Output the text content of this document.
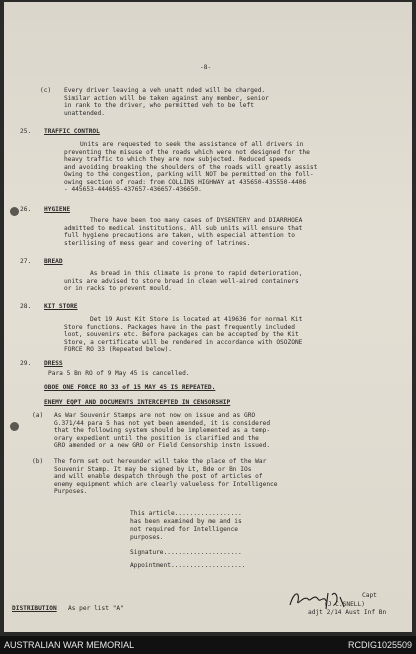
-8-
(c) Every driver leaving a veh unatt nded will be charged.
Similar action will be taken against any member, senior
in rank to the driver, who permitted veh to be left
unattended.
25. TRAFFIC CONTROL
Units are requested to seek the assistance of all drivers in
preventing the misuse of the roads which were not designed for the
heavy traffic to which they are now subjected. Reduced speeds
and avoiding breaking the shoulders of the roads will greatly assist
Owing to the congestion, parking will NOT be permitted on the foll-
owing section of road: from COLLINS HIGHWAY at 435650-435550-4406
- 445653-444655-437657-436657-436650.
26. HYGIENE
There have been too many cases of DYSENTERY and DIARRHOEA
admitted to medical institutions. All sub units will ensure that
full hygiene precautions are taken, with especial attention to
sterilising of mess gear and covering of latrines.
27. BREAD
As bread in this climate is prone to rapid deterioration,
units are advised to store bread in clean well-aired containers
or in racks to prevent mould.
28. KIT STORE
Det 19 Aust Kit Store is located at 419636 for normal Kit
Store functions. Packages have in the past frequently included
loot, souvenirs etc. Before packages can be accepted by the Kit
Store, a certificate will be rendered in accordance with OSOZONE
FORCE RO 33 (Repeated below).
29. DRESS
Para 5 Bn RO of 9 May 45 is cancelled.
OBOE ONE FORCE RO 33 of 15 MAY 45 IS REPEATED.
ENEMY EQPT AND DOCUMENTS INTERCEPTED IN CENSORSHIP
(a) As War Souvenir Stamps are not now on issue and as GRO
G.371/44 para 5 has not yet been amended, it is considered
that the following system should be implemented as a temp-
orary expedient until the position is clarified and the
GRO amended or a new GRO or Field Censorship instn issued.
(b) The form set out hereunder will take the place of the War
Souvenir Stamp. It may be signed by Lt, Bde or Bn IOs
and will enable despatch through the post of articles of
enemy equipment which are clearly valueless for Intelligence
Purposes.
This article..................
has been examined by me and is
not required for Intelligence
purposes.
Signature.....................
Appointment....................
Capt
(J.C.SNELL)
adjt 2/14 Aust Inf Bn
DISTRIBUTION As per list "A"
AUSTRALIAN WAR MEMORIAL	RCDIG1025509
